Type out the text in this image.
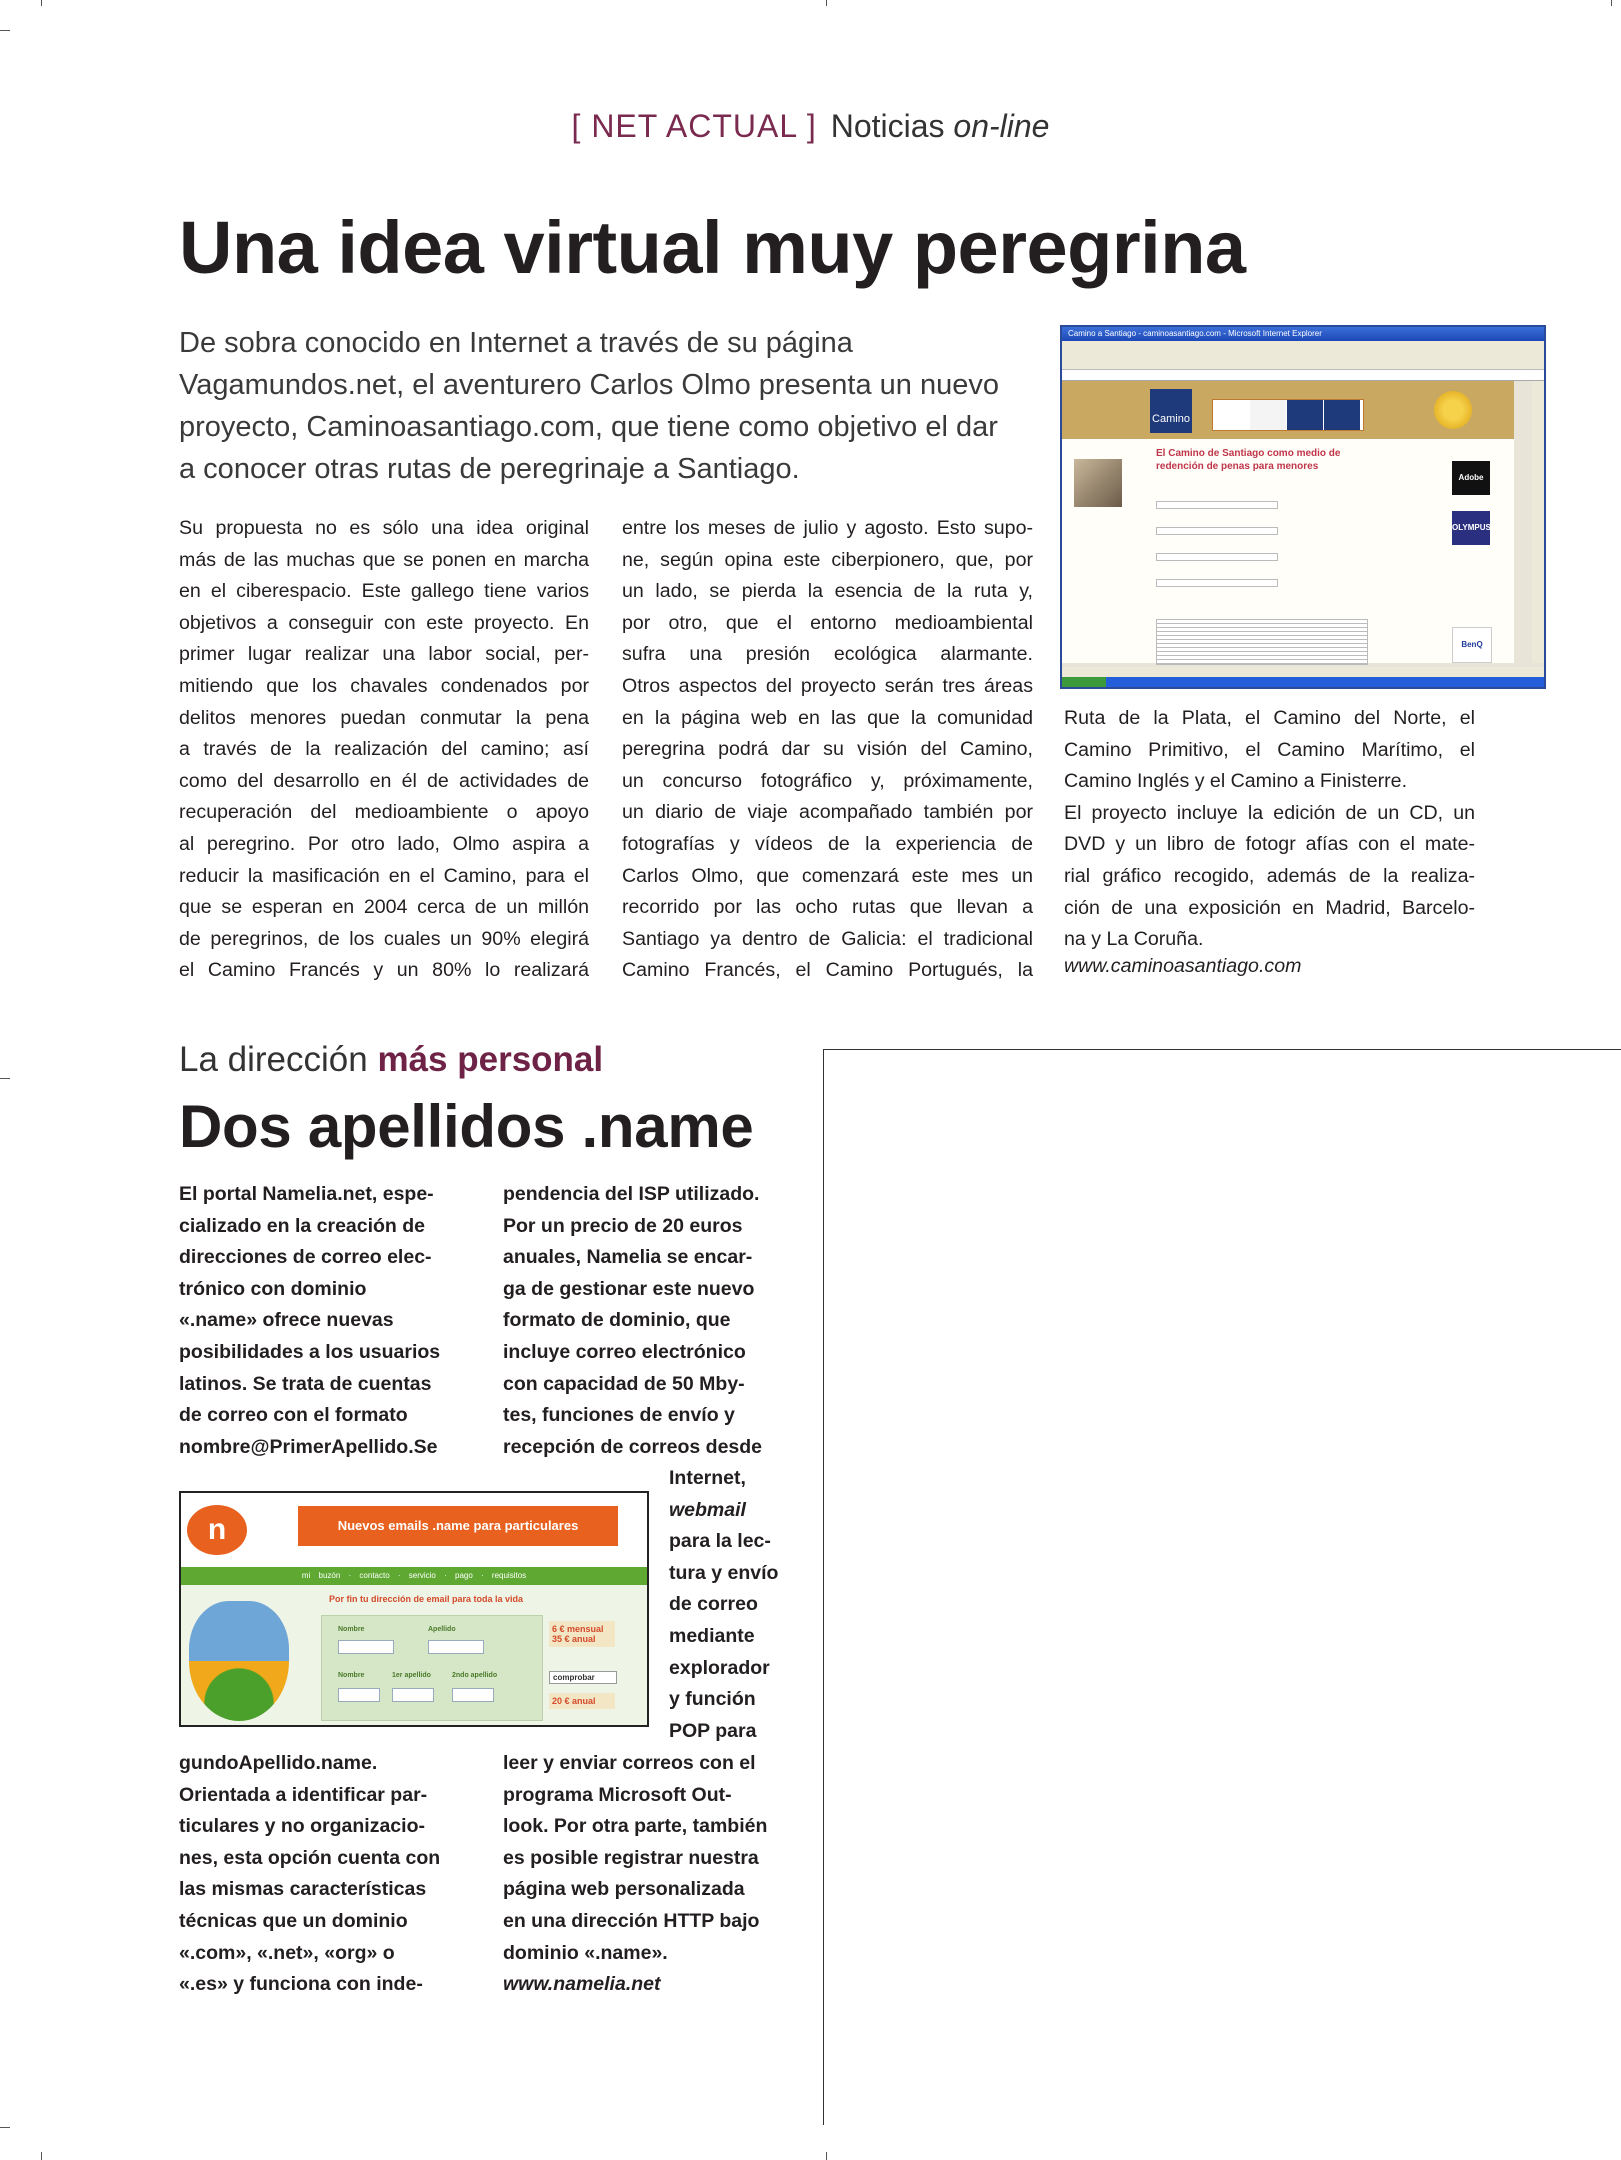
[ NET ACTUAL ] Noticias on-line
Una idea virtual muy peregrina
De sobra conocido en Internet a través de su página
Vagamundos.net, el aventurero Carlos Olmo presenta un nuevo
proyecto, Caminoasantiago.com, que tiene como objetivo el dar
a conocer otras rutas de peregrinaje a Santiago.
Su propuesta no es sólo una idea original
más de las muchas que se ponen en marcha
en el ciberespacio. Este gallego tiene varios
objetivos a conseguir con este proyecto. En
primer lugar realizar una labor social, per-
mitiendo que los chavales condenados por
delitos menores puedan conmutar la pena
a través de la realización del camino; así
como del desarrollo en él de actividades de
recuperación del medioambiente o apoyo
al peregrino. Por otro lado, Olmo aspira a
reducir la masificación en el Camino, para el
que se esperan en 2004 cerca de un millón
de peregrinos, de los cuales un 90% elegirá
el Camino Francés y un 80% lo realizará
entre los meses de julio y agosto. Esto supo-
ne, según opina este ciberpionero, que, por
un lado, se pierda la esencia de la ruta y,
por otro, que el entorno medioambiental
sufra una presión ecológica alarmante.
Otros aspectos del proyecto serán tres áreas
en la página web en las que la comunidad
peregrina podrá dar su visión del Camino,
un concurso fotográfico y, próximamente,
un diario de viaje acompañado también por
fotografías y vídeos de la experiencia de
Carlos Olmo, que comenzará este mes un
recorrido por las ocho rutas que llevan a
Santiago ya dentro de Galicia: el tradicional
Camino Francés, el Camino Portugués, la
Ruta de la Plata, el Camino del Norte, el
Camino Primitivo, el Camino Marítimo, el
Camino Inglés y el Camino a Finisterre.
El proyecto incluye la edición de un CD, un
DVD y un libro de fotogr afías con el mate-
rial gráfico recogido, además de la realiza-
ción de una exposición en Madrid, Barcelo-
na y La Coruña.
Camino a Santiago - caminoasantiago.com - Microsoft Internet Explorer
Camino
El Camino de Santiago como medio de redención de penas para menores
Adobe
OLYMPUS
BenQ
www.caminoasantiago.com
La dirección más personal
Dos apellidos .name
El portal Namelia.net, espe-
cializado en la creación de
direcciones de correo elec-
trónico con dominio
«.name» ofrece nuevas
posibilidades a los usuarios
latinos. Se trata de cuentas
de correo con el formato
nombre@PrimerApellido.Se
gundoApellido.name.
Orientada a identificar par-
ticulares y no organizacio-
nes, esta opción cuenta con
las mismas características
técnicas que un dominio
«.com», «.net», «org» o
«.es» y funciona con inde-
pendencia del ISP utilizado.
Por un precio de 20 euros
anuales, Namelia se encar-
ga de gestionar este nuevo
formato de dominio, que
incluye correo electrónico
con capacidad de 50 Mby-
tes, funciones de envío y
recepción de correos desde
Internet,
webmail
para la lec-
tura y envío
de correo
mediante
explorador
y función
POP para
leer y enviar correos con el
programa Microsoft Out-
look. Por otra parte, también
es posible registrar nuestra
página web personalizada
en una dirección HTTP bajo
dominio «.name».
www.namelia.net
n	Nuevos emails .name para particulares
mi buzón · contacto · servicio · pago · requisitos
Por fin tu dirección de email para toda la vida
Nombre	Apellido
Nombre	1er apellido	2ndo apellido
6 € mensual
35 € anual
comprobar
20 € anual
